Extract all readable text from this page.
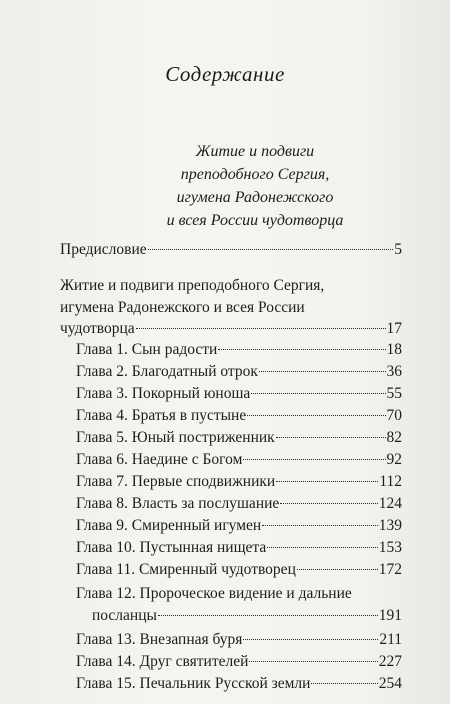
Содержание
Житие и подвиги
преподобного Сергия,
игумена Радонежского
и всея России чудотворца
Предисловие	5
Житие и подвиги преподобного Сергия,
игумена Радонежского и всея России
чудотворца	17
Глава 1. Сын радости	18
Глава 2. Благодатный отрок	36
Глава 3. Покорный юноша	55
Глава 4. Братья в пустыне	70
Глава 5. Юный постриженник	82
Глава 6. Наедине с Богом	92
Глава 7. Первые сподвижники	112
Глава 8. Власть за послушание	124
Глава 9. Смиренный игумен	139
Глава 10. Пустынная нищета	153
Глава 11. Смиренный чудотворец	172
Глава 12. Пророческое видение и дальние
посланцы	191
Глава 13. Внезапная буря	211
Глава 14. Друг святителей	227
Глава 15. Печальник Русской земли	254
